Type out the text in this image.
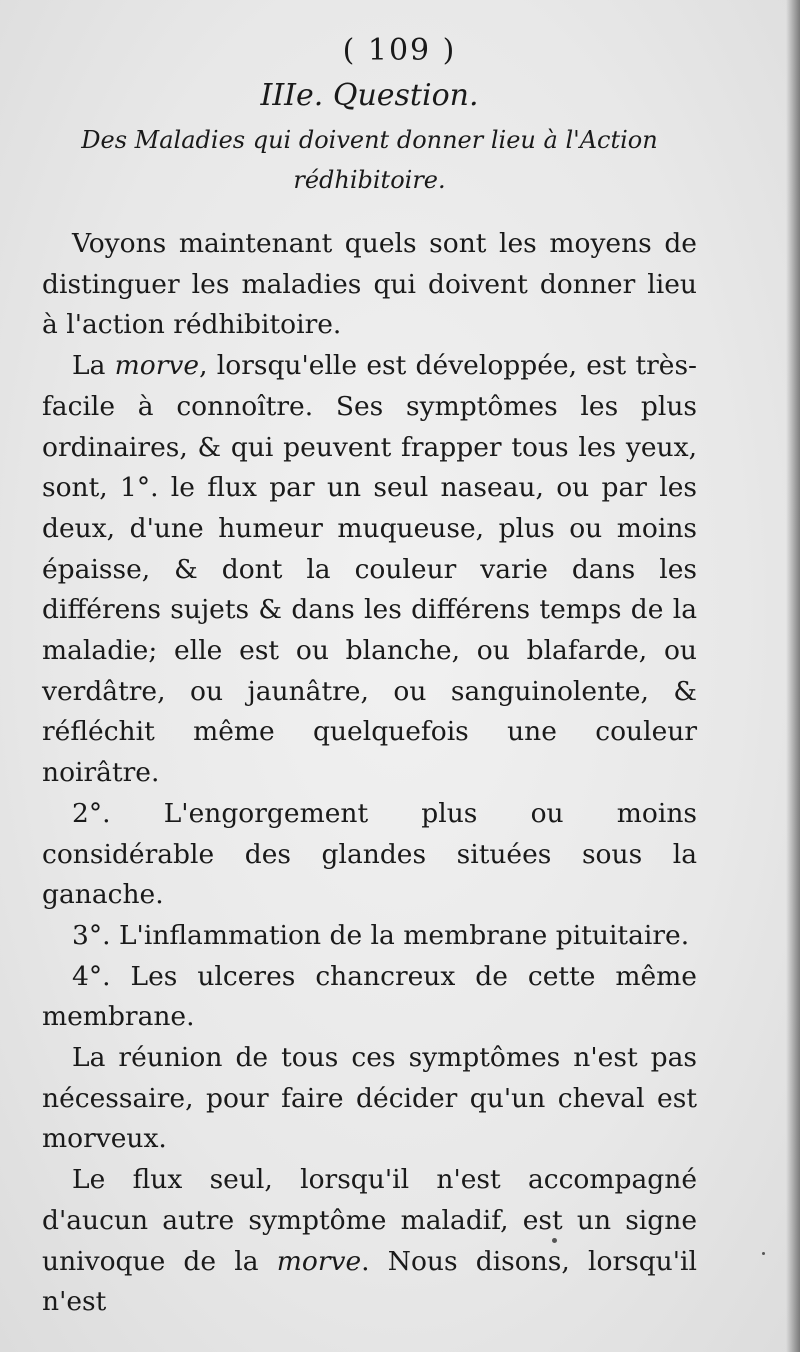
( 109 )
IIIe. Question.
Des Maladies qui doivent donner lieu à l'Action
rédhibitoire.

Voyons maintenant quels sont les moyens de distinguer les maladies qui doivent donner lieu à l'action rédhibitoire.

La morve, lorsqu'elle est développée, est très-facile à connoître. Ses symptômes les plus ordinaires, & qui peuvent frapper tous les yeux, sont, 1°. le flux par un seul naseau, ou par les deux, d'une humeur muqueuse, plus ou moins épaisse, & dont la couleur varie dans les différens sujets & dans les différens temps de la maladie; elle est ou blanche, ou blafarde, ou verdâtre, ou jaunâtre, ou sanguinolente, & réfléchit même quelquefois une couleur noirâtre.

2°. L'engorgement plus ou moins considérable des glandes situées sous la ganache.

3°. L'inflammation de la membrane pituitaire.

4°. Les ulceres chancreux de cette même membrane.

La réunion de tous ces symptômes n'est pas nécessaire, pour faire décider qu'un cheval est morveux.

Le flux seul, lorsqu'il n'est accompagné d'aucun autre symptôme maladif, est un signe univoque de la morve. Nous disons, lorsqu'il n'est
